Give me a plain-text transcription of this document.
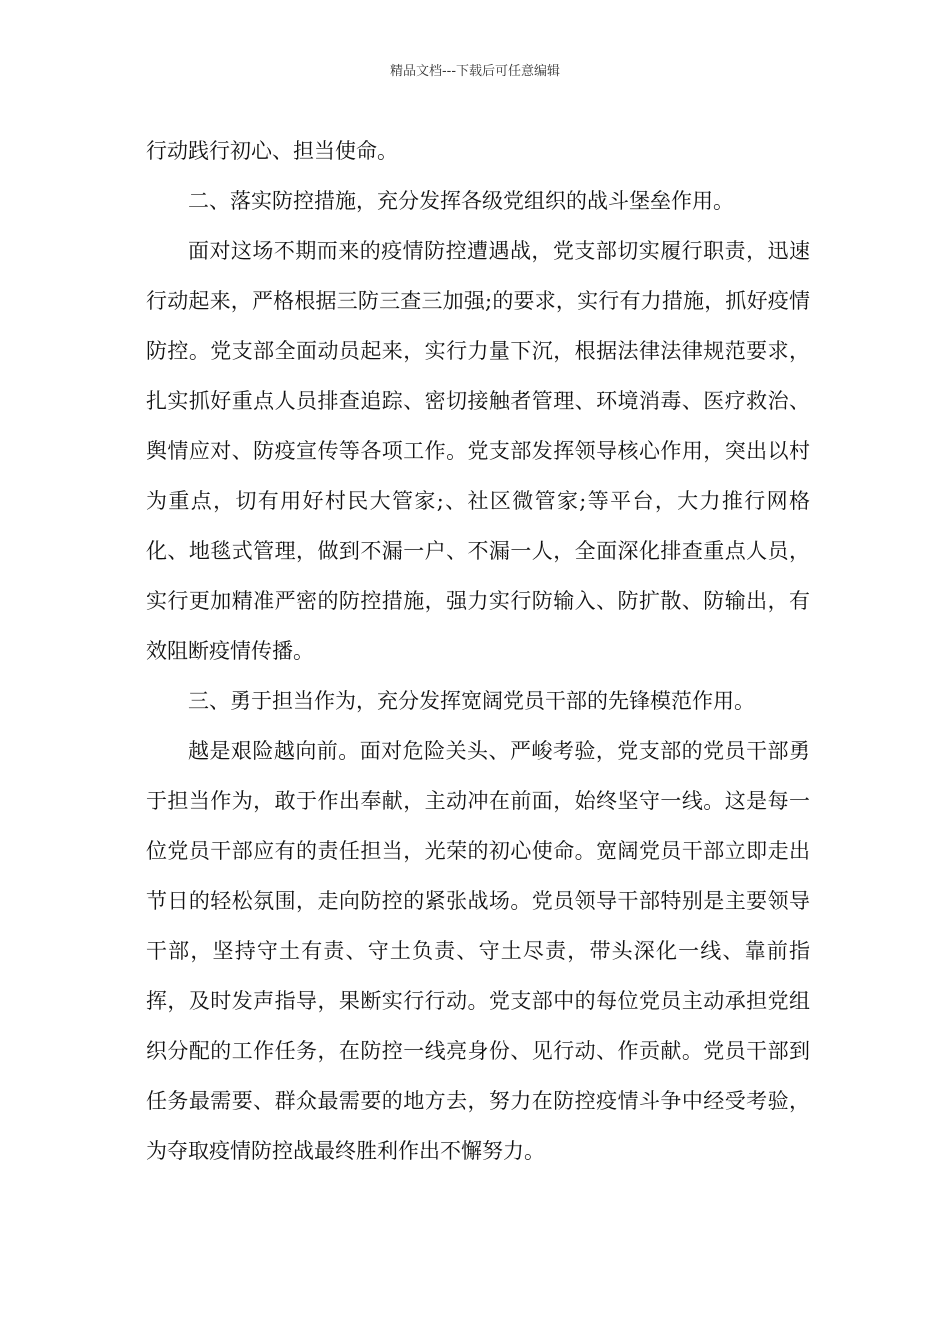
精品文档---下载后可任意编辑

行动践行初心、担当使命。

二、落实防控措施，充分发挥各级党组织的战斗堡垒作用。

面对这场不期而来的疫情防控遭遇战，党支部切实履行职责，迅速行动起来，严格根据三防三查三加强;的要求，实行有力措施，抓好疫情防控。党支部全面动员起来，实行力量下沉，根据法律法律规范要求，扎实抓好重点人员排查追踪、密切接触者管理、环境消毒、医疗救治、舆情应对、防疫宣传等各项工作。党支部发挥领导核心作用，突出以村为重点，切有用好村民大管家;、社区微管家;等平台，大力推行网格化、地毯式管理，做到不漏一户、不漏一人，全面深化排查重点人员，实行更加精准严密的防控措施，强力实行防输入、防扩散、防输出，有效阻断疫情传播。

三、勇于担当作为，充分发挥宽阔党员干部的先锋模范作用。

越是艰险越向前。面对危险关头、严峻考验，党支部的党员干部勇于担当作为，敢于作出奉献，主动冲在前面，始终坚守一线。这是每一位党员干部应有的责任担当，光荣的初心使命。宽阔党员干部立即走出节日的轻松氛围，走向防控的紧张战场。党员领导干部特别是主要领导干部，坚持守土有责、守土负责、守土尽责，带头深化一线、靠前指挥，及时发声指导，果断实行行动。党支部中的每位党员主动承担党组织分配的工作任务，在防控一线亮身份、见行动、作贡献。党员干部到任务最需要、群众最需要的地方去，努力在防控疫情斗争中经受考验，为夺取疫情防控战最终胜利作出不懈努力。
